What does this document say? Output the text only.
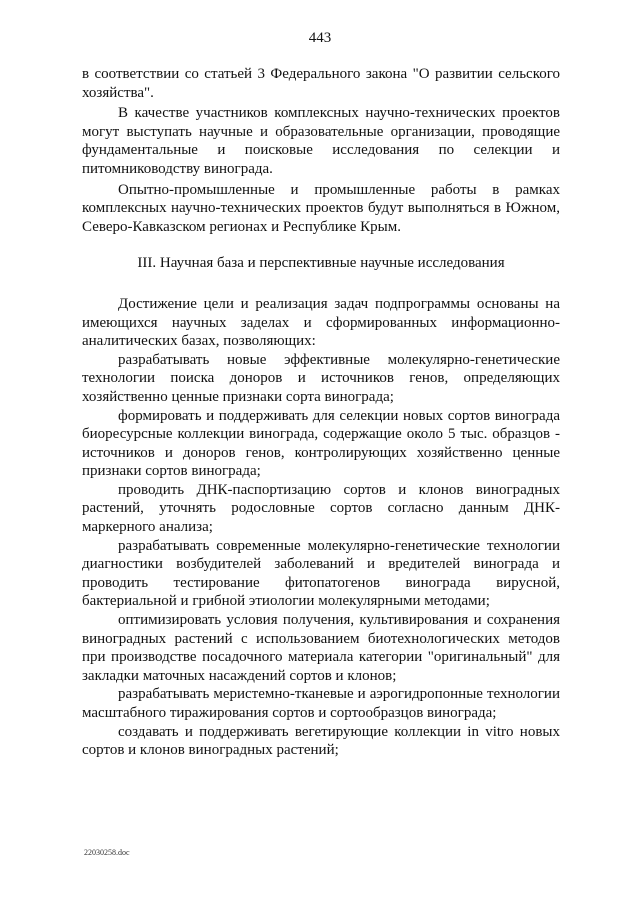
443

в соответствии со статьей 3 Федерального закона "О развитии сельского хозяйства".

В качестве участников комплексных научно-технических проектов могут выступать научные и образовательные организации, проводящие фундаментальные и поисковые исследования по селекции и питомниководству винограда.

Опытно-промышленные и промышленные работы в рамках комплексных научно-технических проектов будут выполняться в Южном, Северо-Кавказском регионах и Республике Крым.

III. Научная база и перспективные научные исследования

Достижение цели и реализация задач подпрограммы основаны на имеющихся научных заделах и сформированных информационно-аналитических базах, позволяющих:

разрабатывать новые эффективные молекулярно-генетические технологии поиска доноров и источников генов, определяющих хозяйственно ценные признаки сорта винограда;

формировать и поддерживать для селекции новых сортов винограда биоресурсные коллекции винограда, содержащие около 5 тыс. образцов - источников и доноров генов, контролирующих хозяйственно ценные признаки сортов винограда;

проводить ДНК-паспортизацию сортов и клонов виноградных растений, уточнять родословные сортов согласно данным ДНК-маркерного анализа;

разрабатывать современные молекулярно-генетические технологии диагностики возбудителей заболеваний и вредителей винограда и проводить тестирование фитопатогенов винограда вирусной, бактериальной и грибной этиологии молекулярными методами;

оптимизировать условия получения, культивирования и сохранения виноградных растений с использованием биотехнологических методов при производстве посадочного материала категории "оригинальный" для закладки маточных насаждений сортов и клонов;

разрабатывать меристемно-тканевые и аэрогидропонные технологии масштабного тиражирования сортов и сортообразцов винограда;

создавать и поддерживать вегетирующие коллекции in vitro новых сортов и клонов виноградных растений;

22030258.doc
